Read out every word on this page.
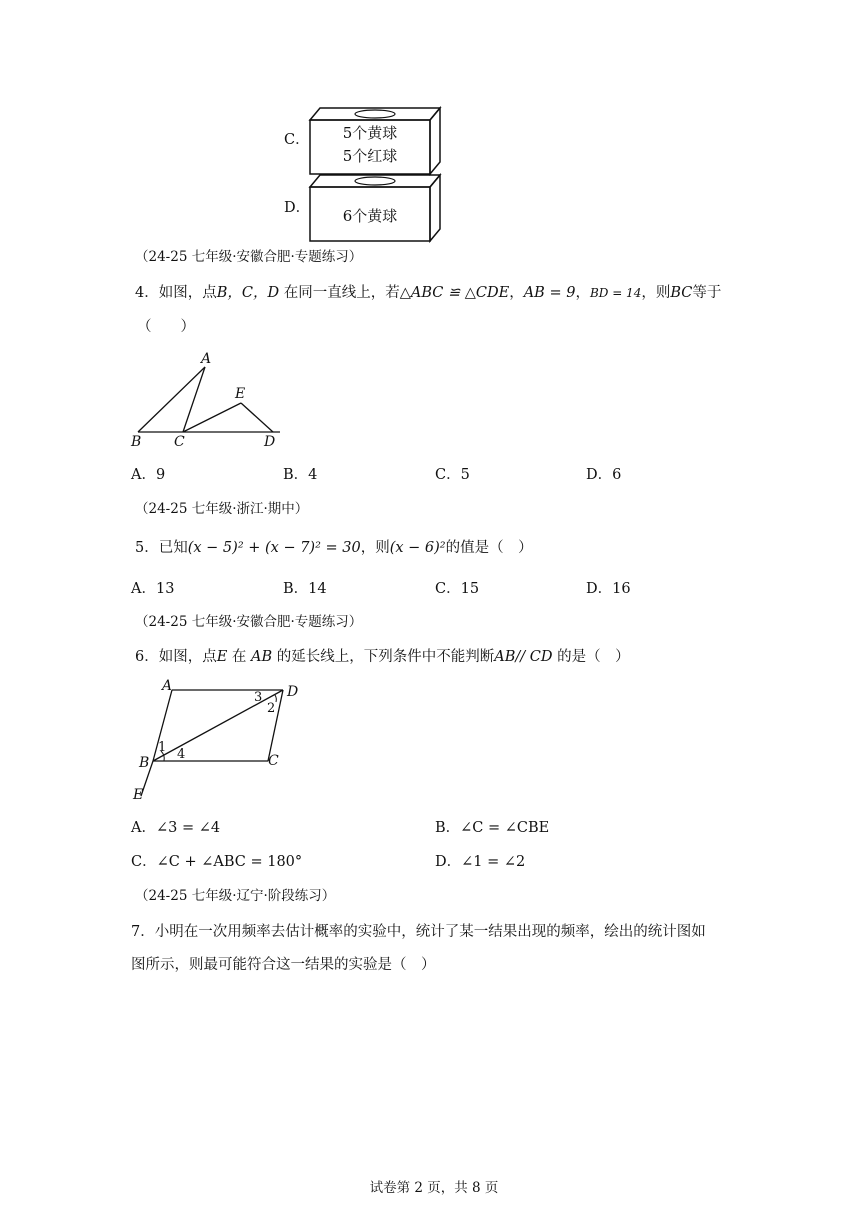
C． 5个黄球
5个红球
6个黄球
D．
（24-25 七年级·安徽合肥·专题练习）
4．如图，点B，C，D 在同一直线上，若△ABC ≌ △CDE，AB = 9，BD = 14，则BC等于
（　　）
A
B C	D
E
A．9	B．4	C．5	D．6
（24-25 七年级·浙江·期中）
5．已知(x − 5)² + (x − 7)² = 30，则(x − 6)²的值是（　）
A．13	B．14	C．15	D．16
（24-25 七年级·安徽合肥·专题练习）
6．如图，点E 在 AB 的延长线上，下列条件中不能判断AB// CD 的是（　）
A	D
B	C
E
1
2
3
4
A．∠3 = ∠4	B．∠C = ∠CBE
C．∠C + ∠ABC = 180°	D．∠1 = ∠2
（24-25 七年级·辽宁·阶段练习）
7．小明在一次用频率去估计概率的实验中，统计了某一结果出现的频率，绘出的统计图如
图所示，则最可能符合这一结果的实验是（　）
试卷第 2 页，共 8 页
